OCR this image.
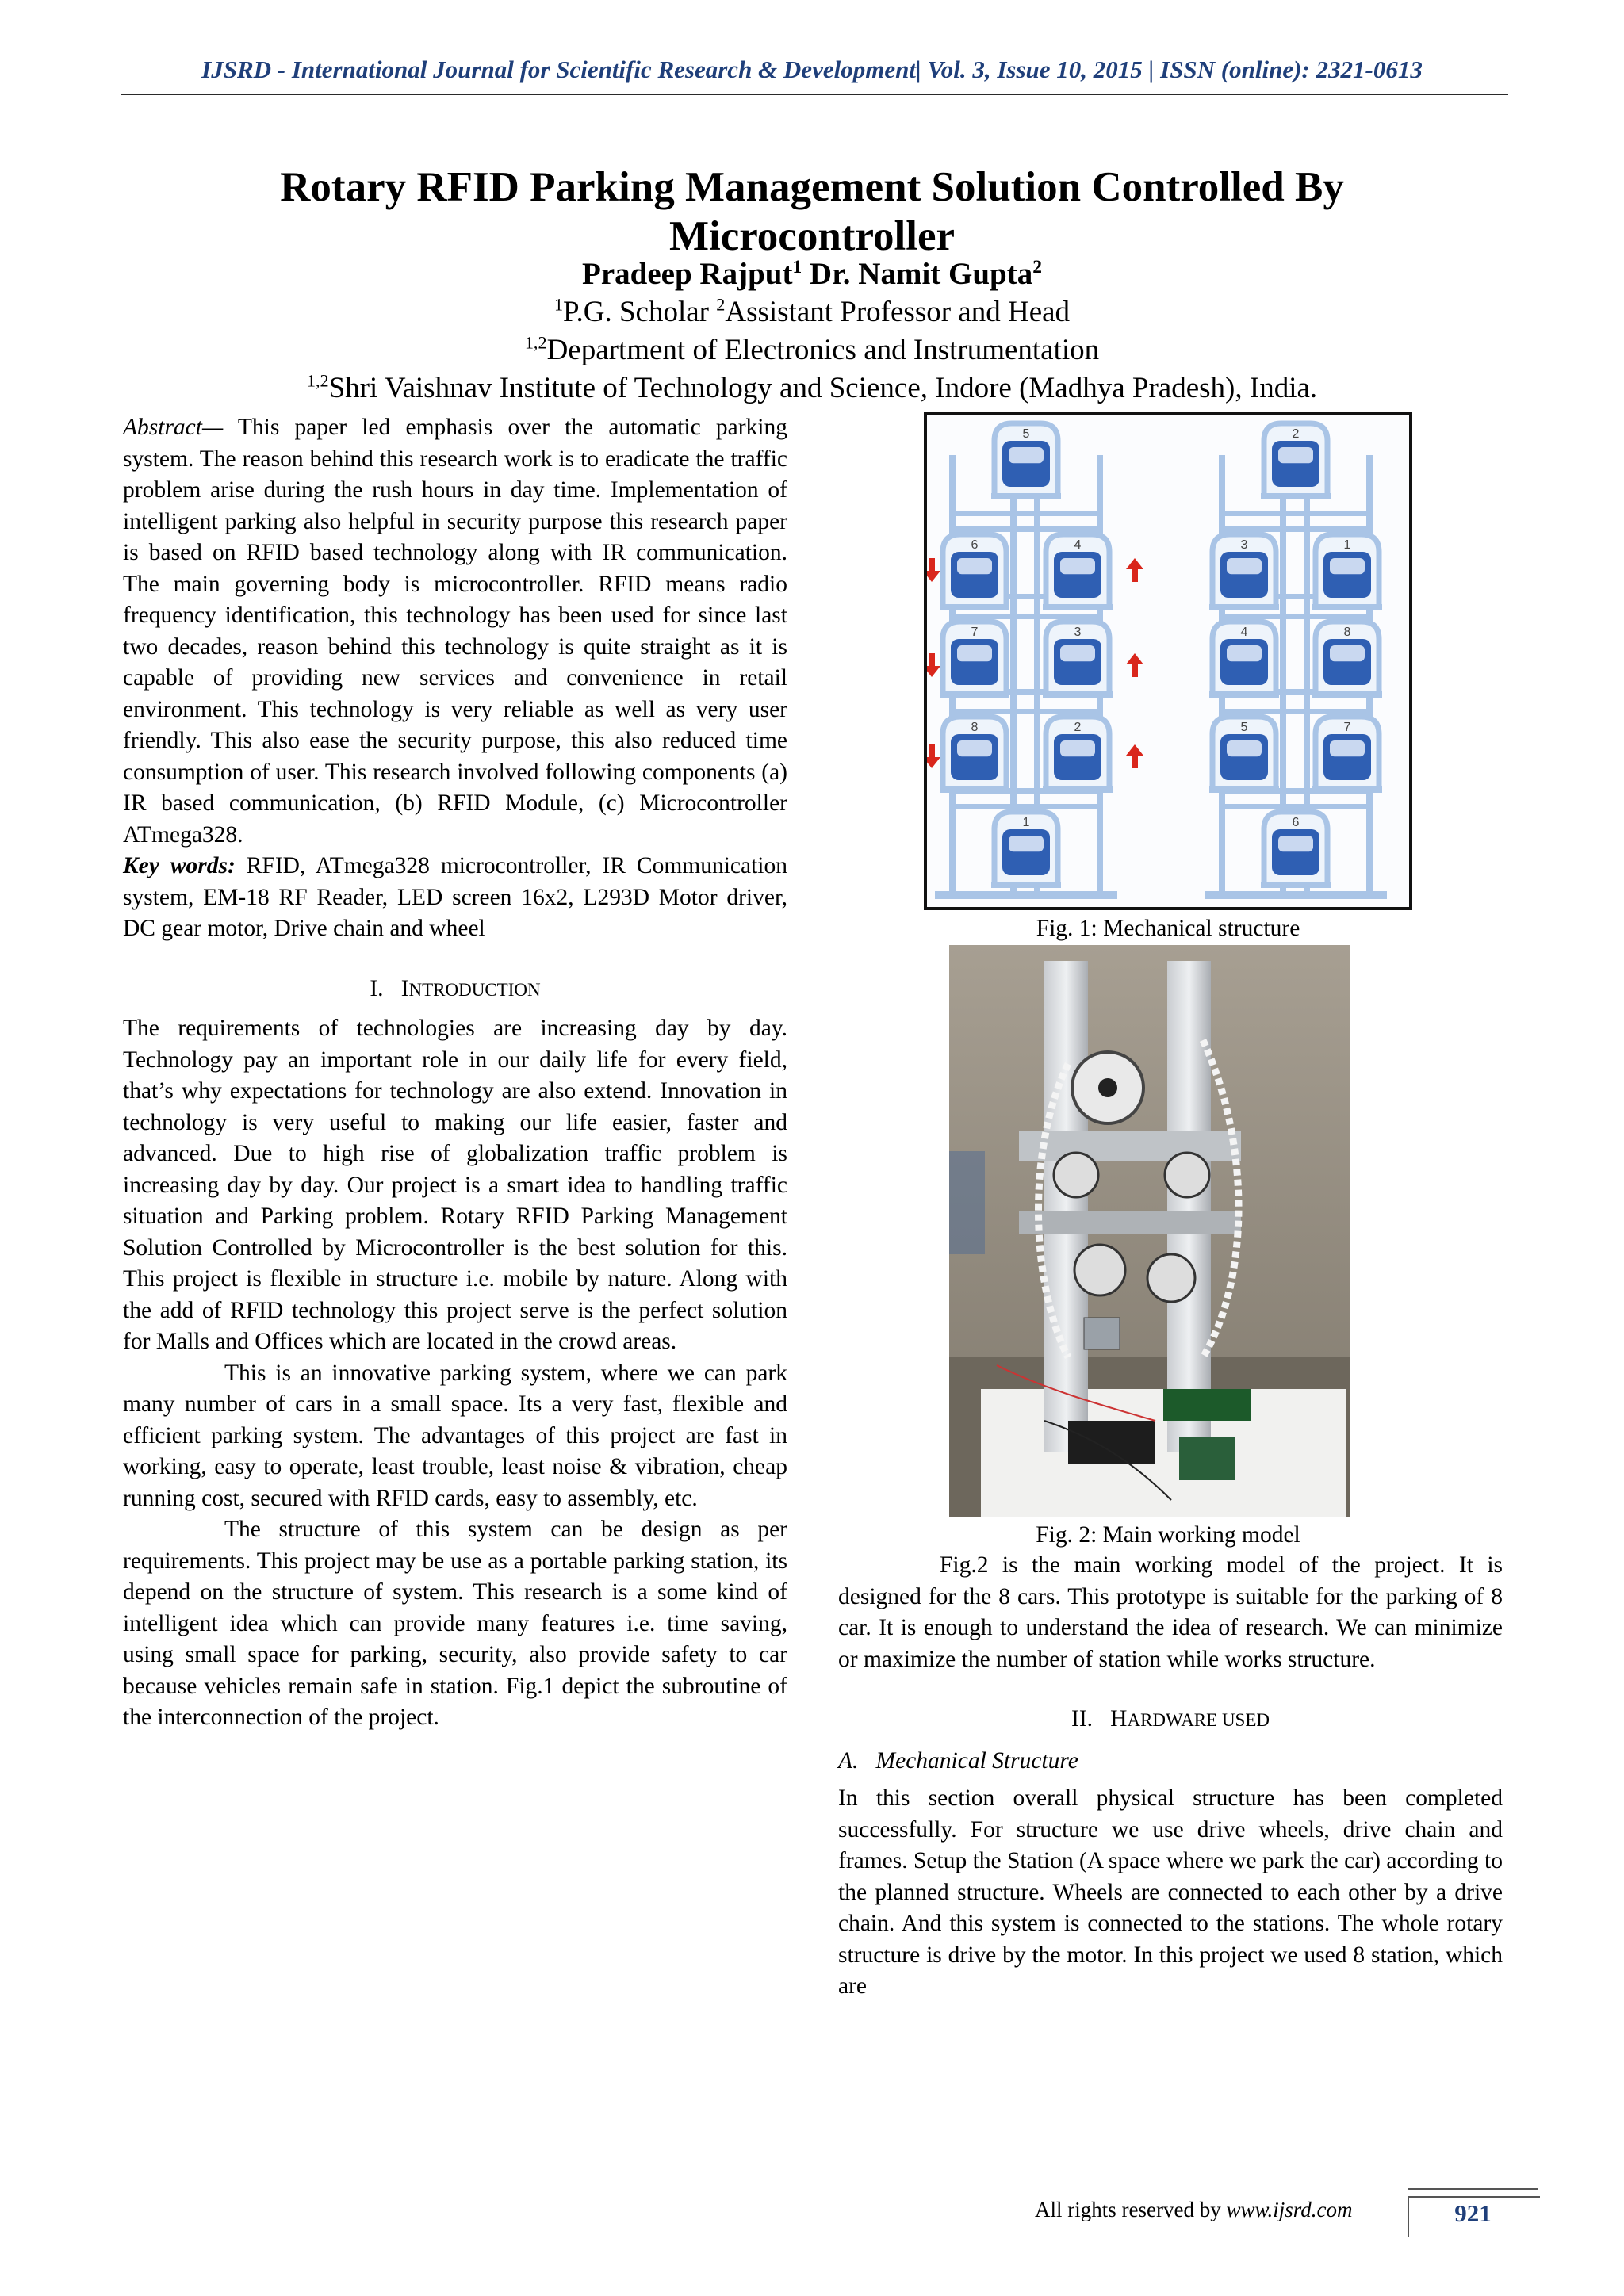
IJSRD - International Journal for Scientific Research & Development| Vol. 3, Issue 10, 2015 | ISSN (online): 2321-0613
Rotary RFID Parking Management Solution Controlled By Microcontroller
Pradeep Rajput$^1$ Dr. Namit Gupta$^2$
$^1$P.G. Scholar $^2$Assistant Professor and Head
$^{1,2}$Department of Electronics and Instrumentation
$^{1,2}$Shri Vaishnav Institute of Technology and Science, Indore (Madhya Pradesh), India.

Abstract— This paper led emphasis over the automatic parking system. The reason behind this research work is to eradicate the traffic problem arise during the rush hours in day time. Implementation of intelligent parking also helpful in security purpose this research paper is based on RFID based technology along with IR communication. The main governing body is microcontroller. RFID means radio frequency identification, this technology has been used for since last two decades, reason behind this technology is quite straight as it is capable of providing new services and convenience in retail environment. This technology is very reliable as well as very user friendly. This also ease the security purpose, this also reduced time consumption of user. This research involved following components (a) IR based communication, (b) RFID Module, (c) Microcontroller ATmega328.

Key words: RFID, ATmega328 microcontroller, IR Communication system, EM-18 RF Reader, LED screen 16x2, L293D Motor driver, DC gear motor, Drive chain and wheel

I. INTRODUCTION

The requirements of technologies are increasing day by day. Technology pay an important role in our daily life for every field, that’s why expectations for technology are also extend. Innovation in technology is very useful to making our life easier, faster and advanced. Due to high rise of globalization traffic problem is increasing day by day. Our project is a smart idea to handling traffic situation and Parking problem. Rotary RFID Parking Management Solution Controlled by Microcontroller is the best solution for this. This project is flexible in structure i.e. mobile by nature. Along with the add of RFID technology this project serve is the perfect solution for Malls and Offices which are located in the crowd areas.

This is an innovative parking system, where we can park many number of cars in a small space. Its a very fast, flexible and efficient parking system. The advantages of this project are fast in working, easy to operate, least trouble, least noise & vibration, cheap running cost, secured with RFID cards, easy to assembly, etc.

The structure of this system can be design as per requirements. This project may be use as a portable parking station, its depend on the structure of system. This research is a some kind of intelligent idea which can provide many features i.e. time saving, using small space for parking, security, also provide safety to car because vehicles remain safe in station. Fig.1 depict the subroutine of the interconnection of the project.

5
6	4
7	3
8	2
1
2
3	1
4	8
5	7
6
Fig. 1: Mechanical structure
Fig. 2: Main working model

Fig.2 is the main working model of the project. It is designed for the 8 cars. This prototype is suitable for the parking of 8 car. It is enough to understand the idea of research. We can minimize or maximize the number of station while works structure.

II. HARDWARE USED

A. Mechanical Structure

In this section overall physical structure has been completed successfully. For structure we use drive wheels, drive chain and frames. Setup the Station (A space where we park the car) according to the planned structure. Wheels are connected to each other by a drive chain. And this system is connected to the stations. The whole rotary structure is drive by the motor. In this project we used 8 station, which are

All rights reserved by www.ijsrd.com	921
